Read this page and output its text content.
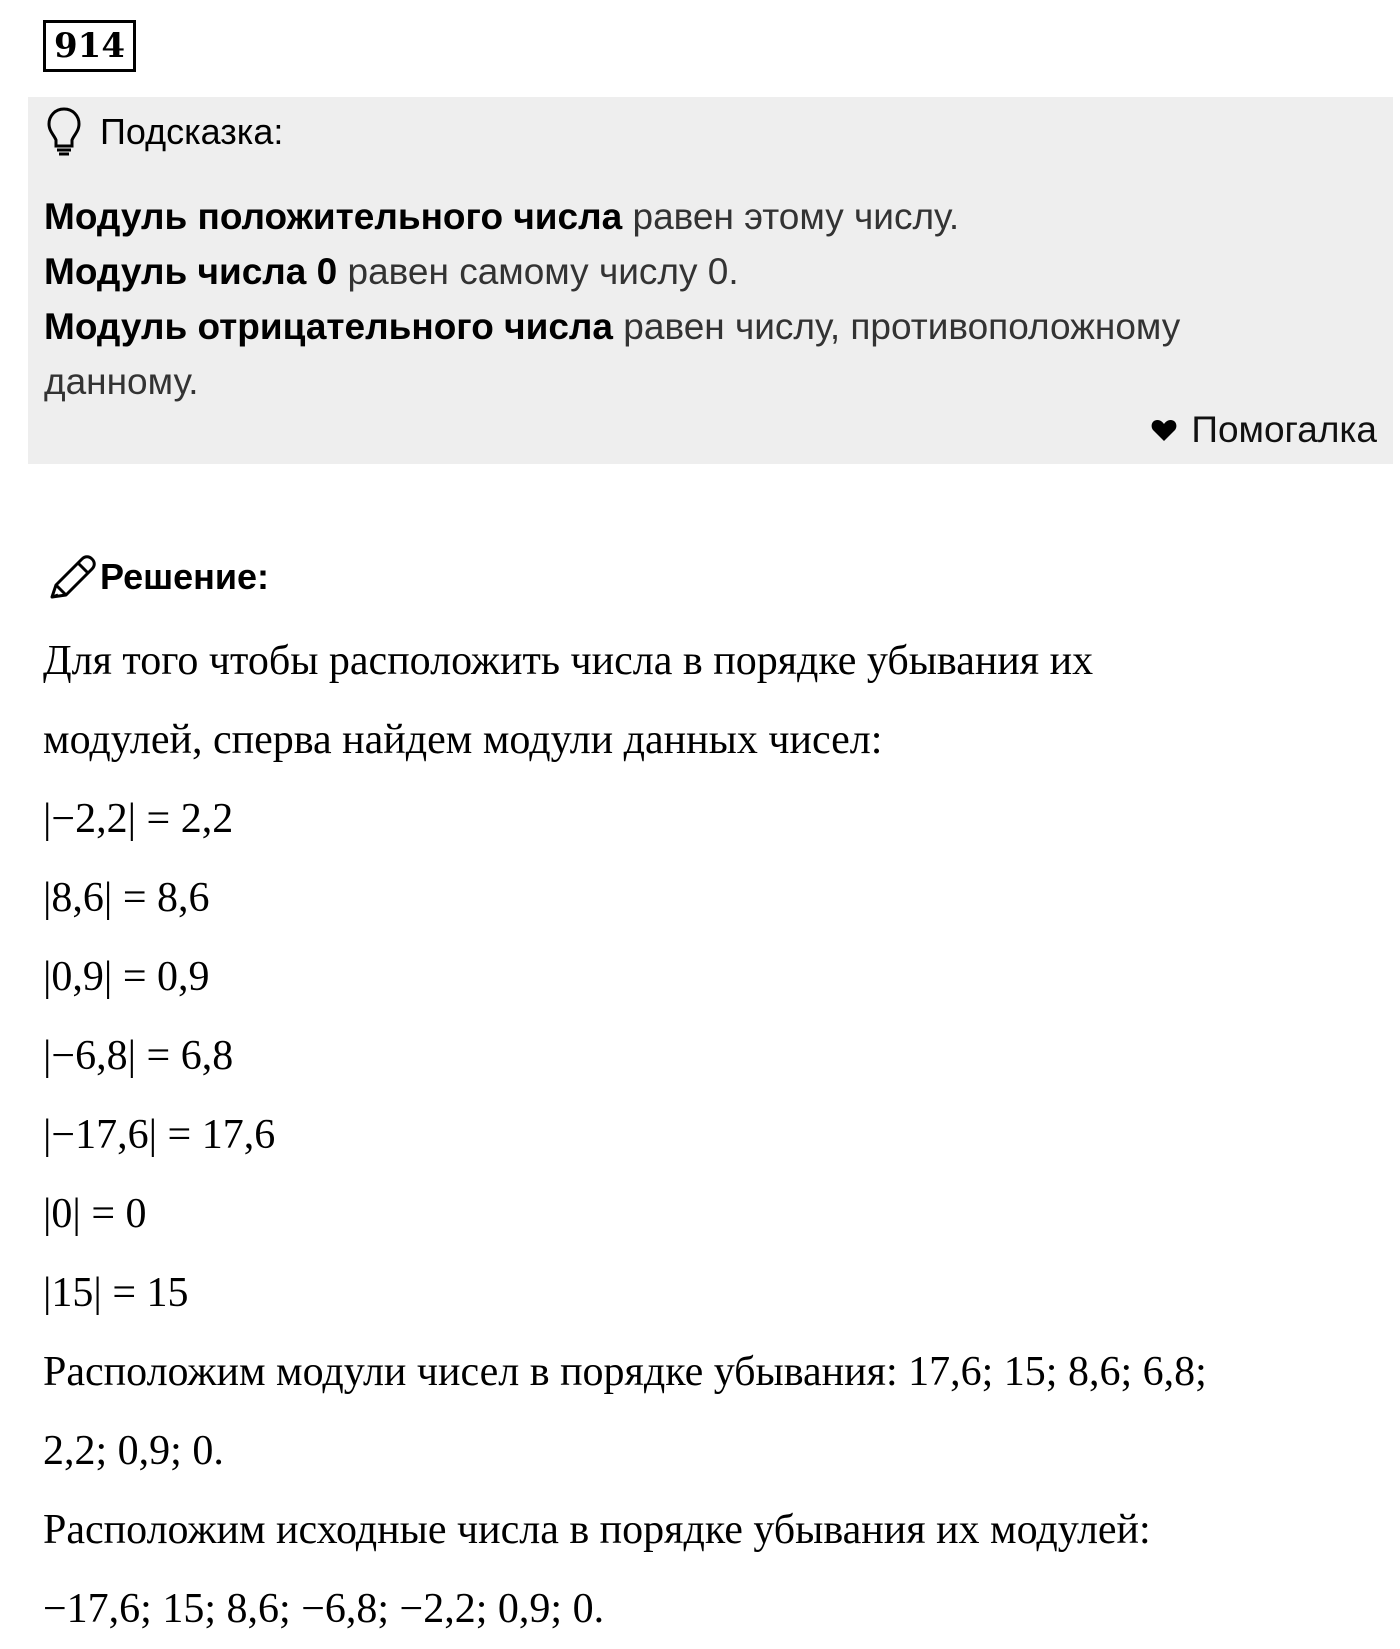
914
Подсказка:
Модуль положительного числа равен этому числу.
Модуль числа 0 равен самому числу 0.
Модуль отрицательного числа равен числу, противоположному данному.
Помогалка
Решение:
Для того чтобы расположить числа в порядке убывания их
модулей, сперва найдем модули данных чисел:
|−2,2| = 2,2
|8,6| = 8,6
|0,9| = 0,9
|−6,8| = 6,8
|−17,6| = 17,6
|0| = 0
|15| = 15
Расположим модули чисел в порядке убывания: 17,6; 15; 8,6; 6,8;
2,2; 0,9; 0.
Расположим исходные числа в порядке убывания их модулей:
−17,6; 15; 8,6; −6,8; −2,2; 0,9; 0.
